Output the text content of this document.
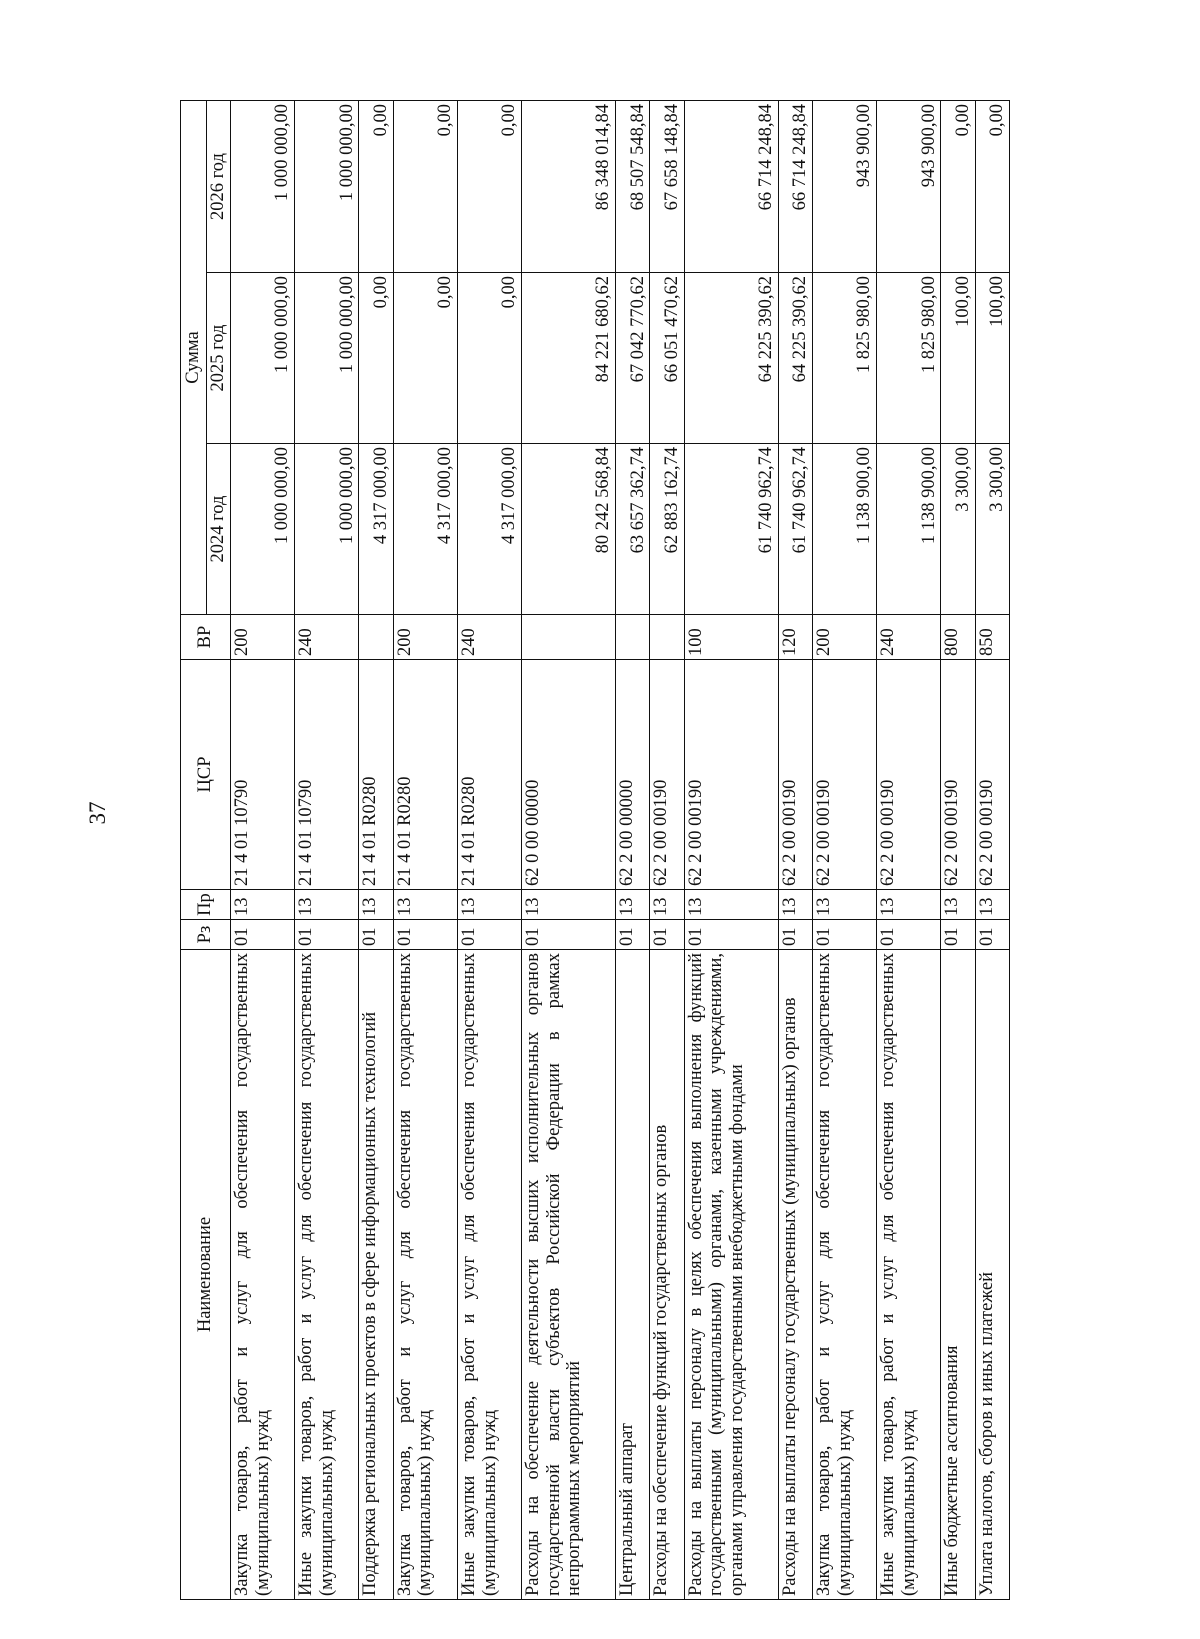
37
Наименование	Рз	Пр	ЦСР	ВР	Сумма		
					2024 год	2025 год	2026 год
Закупка товаров, работ и услуг для обеспечения государственных (муниципальных) нужд	01	13	21 4 01 10790	200	1 000 000,00	1 000 000,00	1 000 000,00
Иные закупки товаров, работ и услуг для обеспечения государственных (муниципальных) нужд	01	13	21 4 01 10790	240	1 000 000,00	1 000 000,00	1 000 000,00
Поддержка региональных проектов в сфере информационных технологий	01	13	21 4 01 R0280		4 317 000,00	0,00	0,00
Закупка товаров, работ и услуг для обеспечения государственных (муниципальных) нужд	01	13	21 4 01 R0280	200	4 317 000,00	0,00	0,00
Иные закупки товаров, работ и услуг для обеспечения государственных (муниципальных) нужд	01	13	21 4 01 R0280	240	4 317 000,00	0,00	0,00
Расходы на обеспечение деятельности высших исполнительных органов государственной власти субъектов Российской Федерации в рамках непрограммных мероприятий	01	13	62 0 00 00000		80 242 568,84	84 221 680,62	86 348 014,84
Центральный аппарат	01	13	62 2 00 00000		63 657 362,74	67 042 770,62	68 507 548,84
Расходы на обеспечение функций государственных органов	01	13	62 2 00 00190		62 883 162,74	66 051 470,62	67 658 148,84
Расходы на выплаты персоналу в целях обеспечения выполнения функций государственными (муниципальными) органами, казенными учреждениями, органами управления государственными внебюджетными фондами	01	13	62 2 00 00190	100	61 740 962,74	64 225 390,62	66 714 248,84
Расходы на выплаты персоналу государственных (муниципальных) органов	01	13	62 2 00 00190	120	61 740 962,74	64 225 390,62	66 714 248,84
Закупка товаров, работ и услуг для обеспечения государственных (муниципальных) нужд	01	13	62 2 00 00190	200	1 138 900,00	1 825 980,00	943 900,00
Иные закупки товаров, работ и услуг для обеспечения государственных (муниципальных) нужд	01	13	62 2 00 00190	240	1 138 900,00	1 825 980,00	943 900,00
Иные бюджетные ассигнования	01	13	62 2 00 00190	800	3 300,00	100,00	0,00
Уплата налогов, сборов и иных платежей	01	13	62 2 00 00190	850	3 300,00	100,00	0,00
